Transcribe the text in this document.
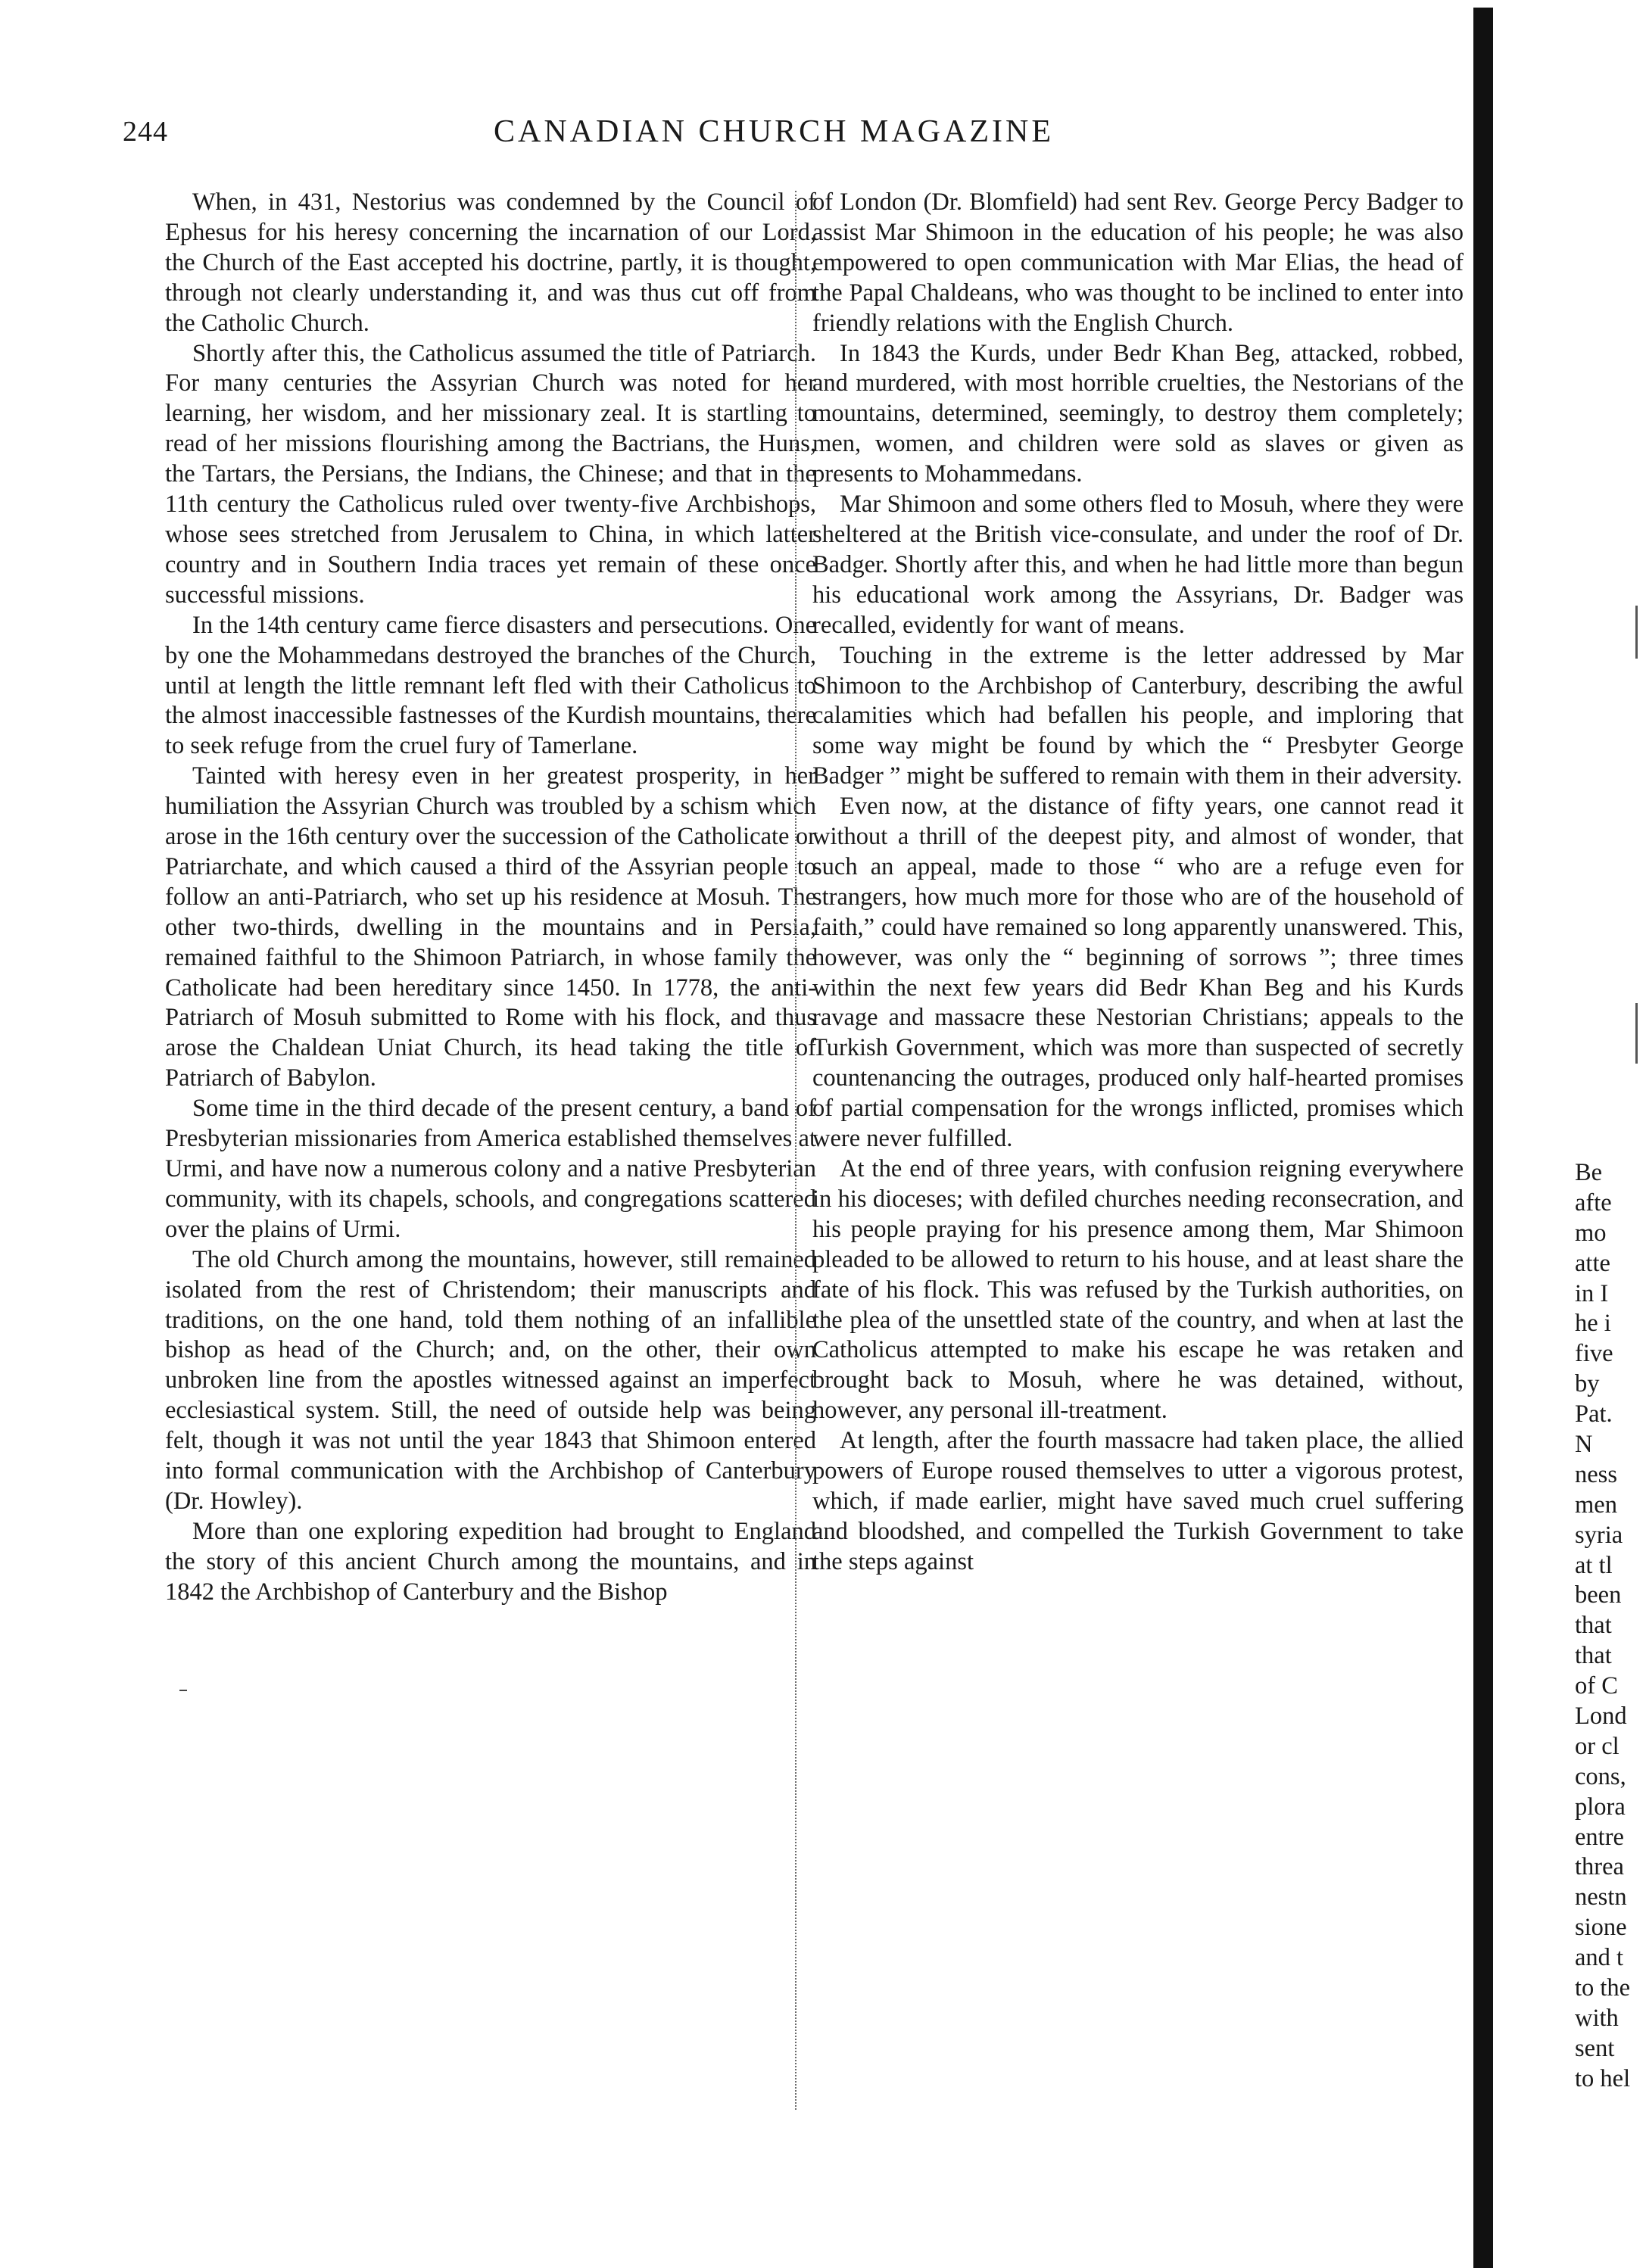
244	CANADIAN CHURCH MAGAZINE

When, in 431, Nestorius was condemned by the Council of Ephesus for his heresy concerning the incarnation of our Lord, the Church of the East accepted his doctrine, partly, it is thought, through not clearly understanding it, and was thus cut off from the Catholic Church.

Shortly after this, the Catholicus assumed the title of Patriarch. For many centuries the Assyrian Church was noted for her learning, her wisdom, and her missionary zeal. It is startling to read of her missions flourishing among the Bactrians, the Huns, the Tartars, the Persians, the Indians, the Chinese; and that in the 11th century the Catholicus ruled over twenty-five Archbishops, whose sees stretched from Jerusalem to China, in which latter country and in Southern India traces yet remain of these once successful missions.

In the 14th century came fierce disasters and persecutions. One by one the Mohammedans destroyed the branches of the Church, until at length the little remnant left fled with their Catholicus to the almost inaccessible fastnesses of the Kurdish mountains, there to seek refuge from the cruel fury of Tamerlane.

Tainted with heresy even in her greatest prosperity, in her humiliation the Assyrian Church was troubled by a schism which arose in the 16th century over the succession of the Catholicate or Patriarchate, and which caused a third of the Assyrian people to follow an anti-Patriarch, who set up his residence at Mosuh. The other two-thirds, dwelling in the mountains and in Persia, remained faithful to the Shimoon Patriarch, in whose family the Catholicate had been hereditary since 1450. In 1778, the anti-Patriarch of Mosuh submitted to Rome with his flock, and thus arose the Chaldean Uniat Church, its head taking the title of Patriarch of Babylon.

Some time in the third decade of the present century, a band of Presbyterian missionaries from America established themselves at Urmi, and have now a numerous colony and a native Presbyterian community, with its chapels, schools, and congregations scattered over the plains of Urmi.

The old Church among the mountains, however, still remained isolated from the rest of Christendom; their manuscripts and traditions, on the one hand, told them nothing of an infallible bishop as head of the Church; and, on the other, their own unbroken line from the apostles witnessed against an imperfect ecclesiastical system. Still, the need of outside help was being felt, though it was not until the year 1843 that Shimoon entered into formal communication with the Archbishop of Canterbury (Dr. Howley).

More than one exploring expedition had brought to England the story of this ancient Church among the mountains, and in 1842 the Archbishop of Canterbury and the Bishop

of London (Dr. Blomfield) had sent Rev. George Percy Badger to assist Mar Shimoon in the education of his people; he was also empowered to open communication with Mar Elias, the head of the Papal Chaldeans, who was thought to be inclined to enter into friendly relations with the English Church.

In 1843 the Kurds, under Bedr Khan Beg, attacked, robbed, and murdered, with most horrible cruelties, the Nestorians of the mountains, determined, seemingly, to destroy them completely; men, women, and children were sold as slaves or given as presents to Mohammedans.

Mar Shimoon and some others fled to Mosuh, where they were sheltered at the British vice-consulate, and under the roof of Dr. Badger. Shortly after this, and when he had little more than begun his educational work among the Assyrians, Dr. Badger was recalled, evidently for want of means.

Touching in the extreme is the letter addressed by Mar Shimoon to the Archbishop of Canterbury, describing the awful calamities which had befallen his people, and imploring that some way might be found by which the “ Presbyter George Badger ” might be suffered to remain with them in their adversity.

Even now, at the distance of fifty years, one cannot read it without a thrill of the deepest pity, and almost of wonder, that such an appeal, made to those “ who are a refuge even for strangers, how much more for those who are of the household of faith,” could have remained so long apparently unanswered. This, however, was only the “ beginning of sorrows ”; three times within the next few years did Bedr Khan Beg and his Kurds ravage and massacre these Nestorian Christians; appeals to the Turkish Government, which was more than suspected of secretly countenancing the outrages, produced only half-hearted promises of partial compensation for the wrongs inflicted, promises which were never fulfilled.

At the end of three years, with confusion reigning everywhere in his dioceses; with defiled churches needing reconsecration, and his people praying for his presence among them, Mar Shimoon pleaded to be allowed to return to his house, and at least share the fate of his flock. This was refused by the Turkish authorities, on the plea of the unsettled state of the country, and when at last the Catholicus attempted to make his escape he was retaken and brought back to Mosuh, where he was detained, without, however, any personal ill-treatment.

At length, after the fourth massacre had taken place, the allied powers of Europe roused themselves to utter a vigorous protest, which, if made earlier, might have saved much cruel suffering and bloodshed, and compelled the Turkish Government to take the steps against

Be
afte
mo
atte
in I
he i
five
by
Pat.
N
ness
men
syria
at tl
been
that
that
of C
Lond
or cl
cons,
plora
entre
threa
nestn
sione
and t
to the
with
sent
to hel
